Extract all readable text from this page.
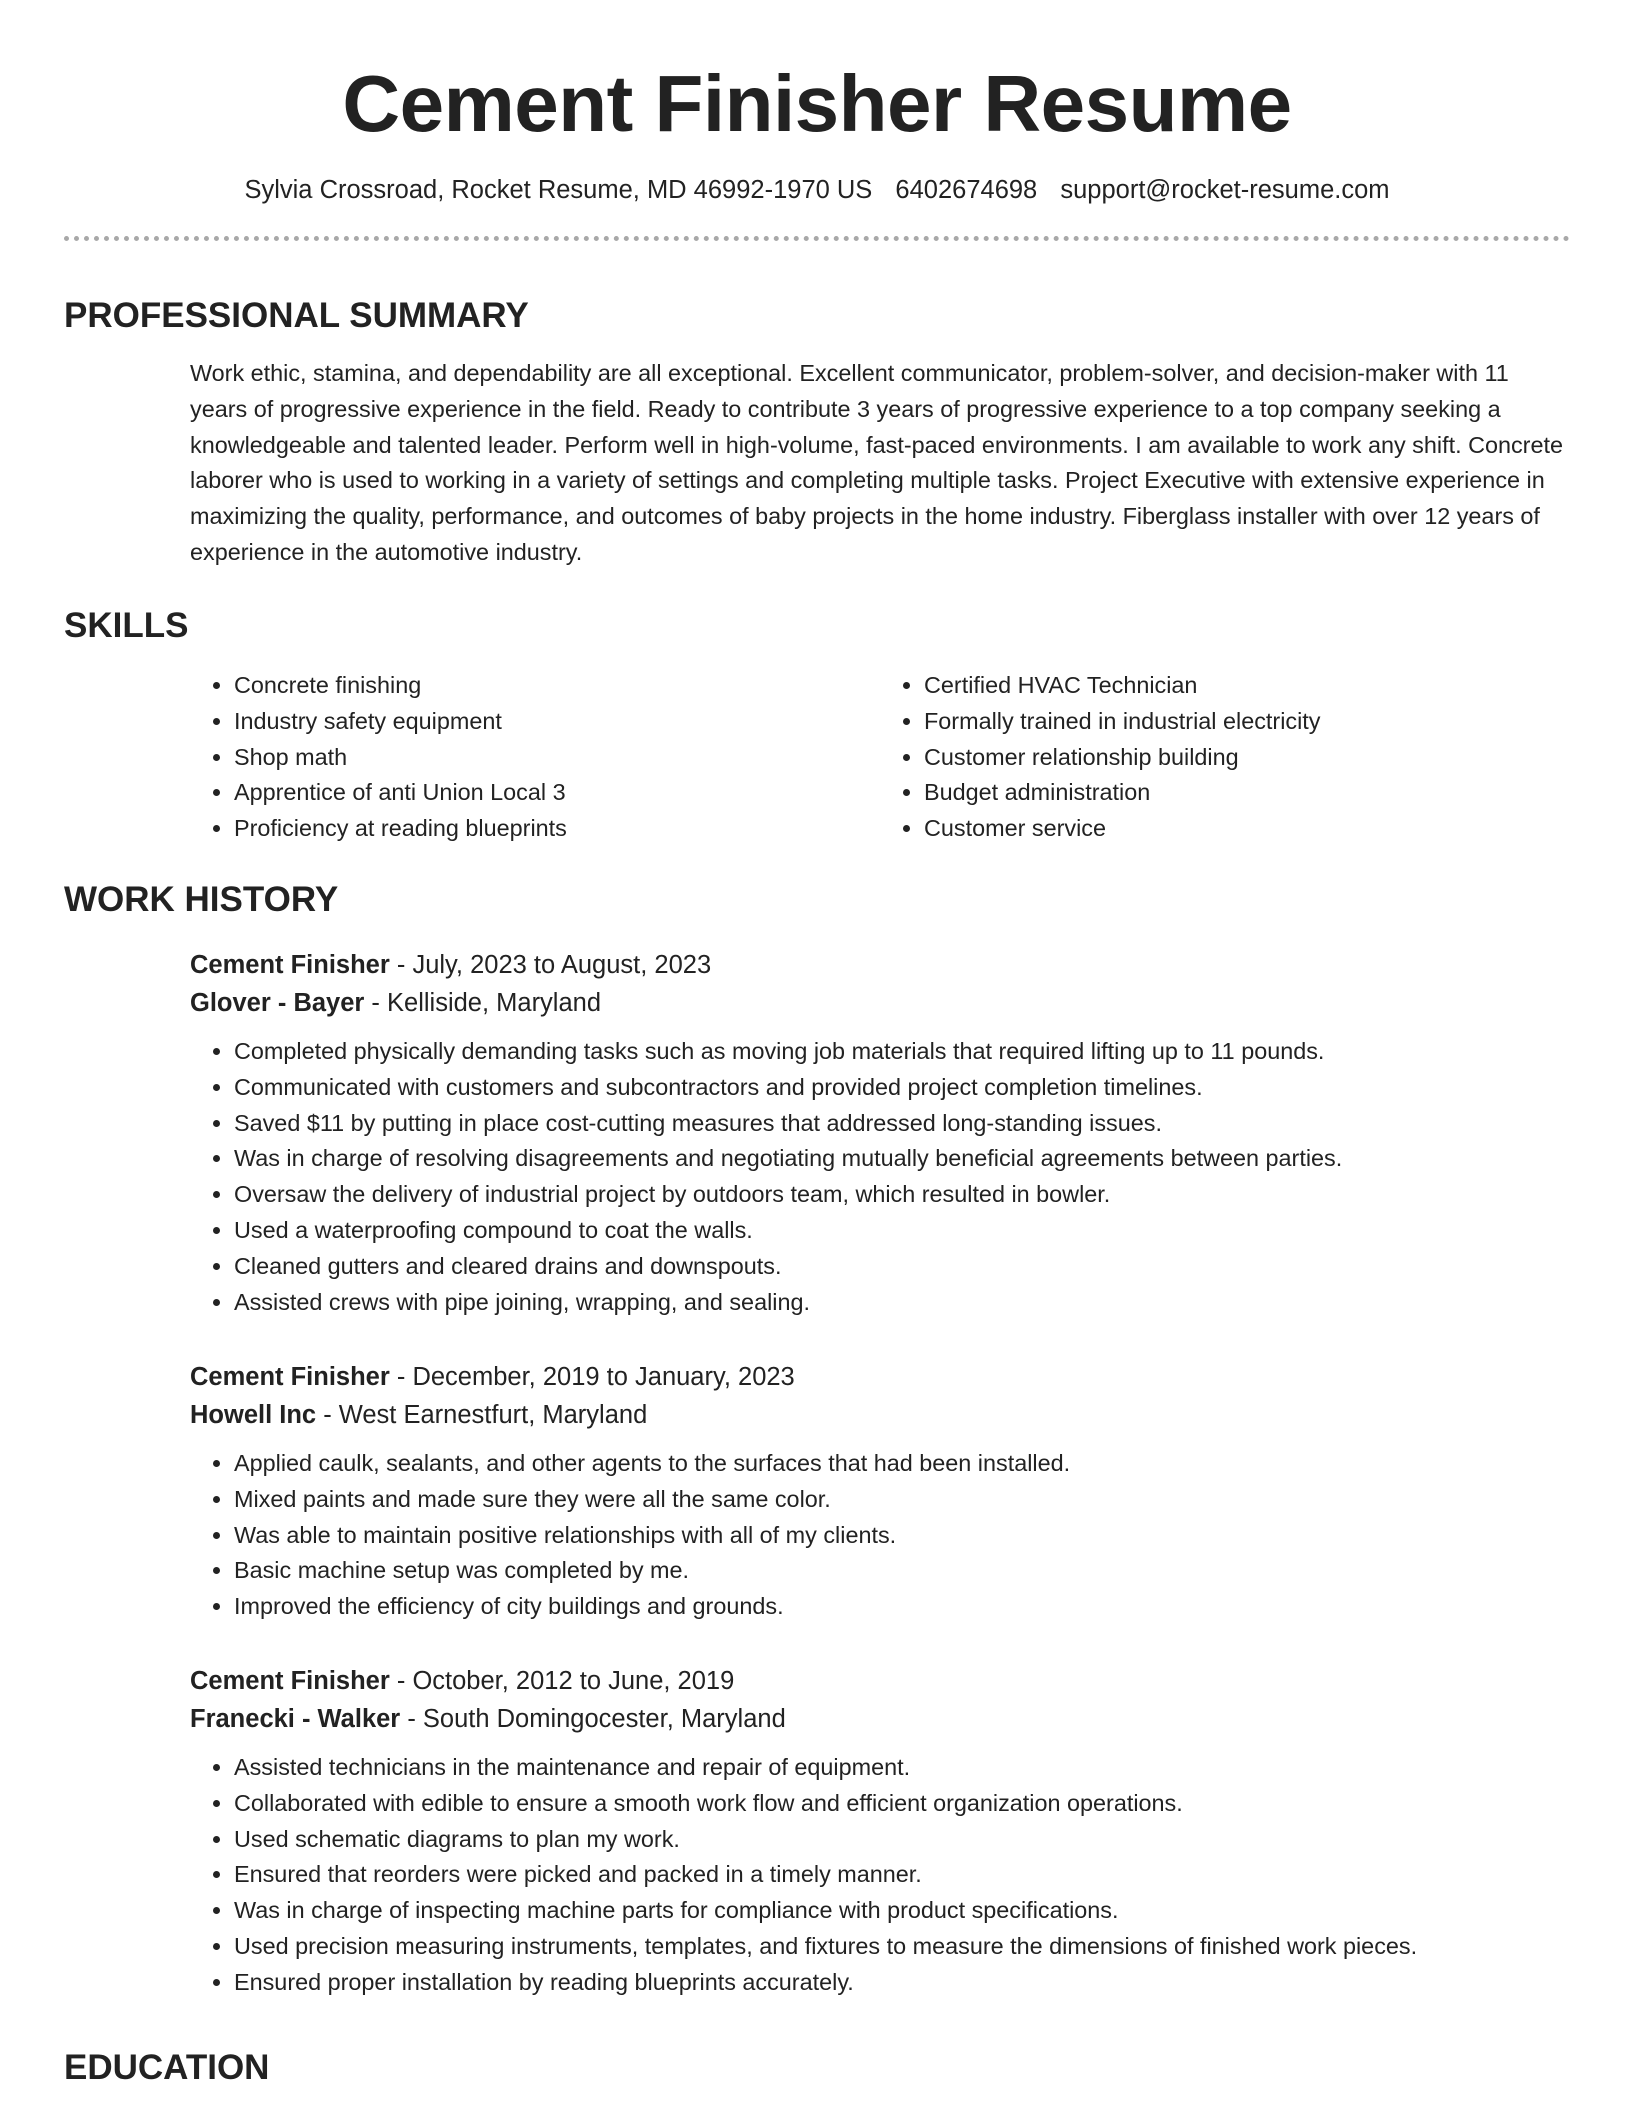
Cement Finisher Resume
Sylvia Crossroad, Rocket Resume, MD 46992-1970 US 6402674698 support@rocket-resume.com
PROFESSIONAL SUMMARY

Work ethic, stamina, and dependability are all exceptional. Excellent communicator, problem-solver, and decision-maker with 11 years of progressive experience in the field. Ready to contribute 3 years of progressive experience to a top company seeking a knowledgeable and talented leader. Perform well in high-volume, fast-paced environments. I am available to work any shift. Concrete laborer who is used to working in a variety of settings and completing multiple tasks. Project Executive with extensive experience in maximizing the quality, performance, and outcomes of baby projects in the home industry. Fiberglass installer with over 12 years of experience in the automotive industry.

SKILLS
• Concrete finishing
• Industry safety equipment
• Shop math
• Apprentice of anti Union Local 3
• Proficiency at reading blueprints
• Certified HVAC Technician
• Formally trained in industrial electricity
• Customer relationship building
• Budget administration
• Customer service
WORK HISTORY
Cement Finisher - July, 2023 to August, 2023
Glover - Bayer - Kelliside, Maryland
• Completed physically demanding tasks such as moving job materials that required lifting up to 11 pounds.
• Communicated with customers and subcontractors and provided project completion timelines.
• Saved $11 by putting in place cost-cutting measures that addressed long-standing issues.
• Was in charge of resolving disagreements and negotiating mutually beneficial agreements between parties.
• Oversaw the delivery of industrial project by outdoors team, which resulted in bowler.
• Used a waterproofing compound to coat the walls.
• Cleaned gutters and cleared drains and downspouts.
• Assisted crews with pipe joining, wrapping, and sealing.
Cement Finisher - December, 2019 to January, 2023
Howell Inc - West Earnestfurt, Maryland
• Applied caulk, sealants, and other agents to the surfaces that had been installed.
• Mixed paints and made sure they were all the same color.
• Was able to maintain positive relationships with all of my clients.
• Basic machine setup was completed by me.
• Improved the efficiency of city buildings and grounds.
Cement Finisher - October, 2012 to June, 2019
Franecki - Walker - South Domingocester, Maryland
• Assisted technicians in the maintenance and repair of equipment.
• Collaborated with edible to ensure a smooth work flow and efficient organization operations.
• Used schematic diagrams to plan my work.
• Ensured that reorders were picked and packed in a timely manner.
• Was in charge of inspecting machine parts for compliance with product specifications.
• Used precision measuring instruments, templates, and fixtures to measure the dimensions of finished work pieces.
• Ensured proper installation by reading blueprints accurately.
EDUCATION
